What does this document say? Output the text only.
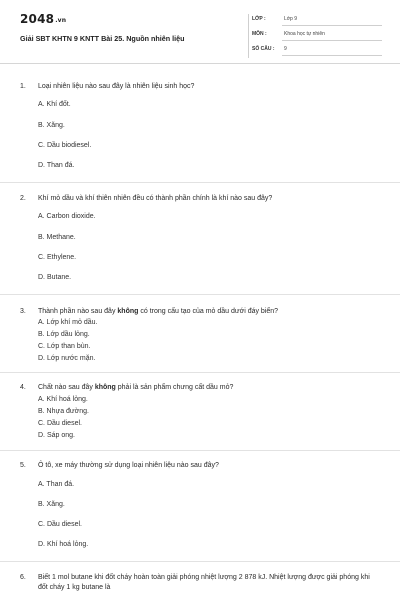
2048.vn
Giải SBT KHTN 9 KNTT Bài 25. Nguồn nhiên liệu
LỚP :	Lớp 9
MÔN :	Khoa học tự nhiên
SỐ CÂU : 9
1. Loại nhiên liệu nào sau đây là nhiên liệu sinh học?
A. Khí đốt.
B. Xăng.
C. Dầu biodiesel.
D. Than đá.
2. Khí mỏ dầu và khí thiên nhiên đều có thành phần chính là khí nào sau đây?
A. Carbon dioxide.
B. Methane.
C. Ethylene.
D. Butane.
3. Thành phần nào sau đây không có trong cấu tạo của mỏ dầu dưới đáy biển?
A. Lớp khí mỏ dầu.
B. Lớp dầu lỏng.
C. Lớp than bùn.
D. Lớp nước mặn.
4. Chất nào sau đây không phải là sản phẩm chưng cất dầu mỏ?
A. Khí hoá lỏng.
B. Nhựa đường.
C. Dầu diesel.
D. Sáp ong.
5. Ô tô, xe máy thường sử dụng loại nhiên liệu nào sau đây?
A. Than đá.
B. Xăng.
C. Dầu diesel.
D. Khí hoá lỏng.
6. Biết 1 mol butane khi đốt cháy hoàn toàn giải phóng nhiệt lượng 2 878 kJ. Nhiệt lượng được giải phóng khi đốt cháy 1 kg butane là
